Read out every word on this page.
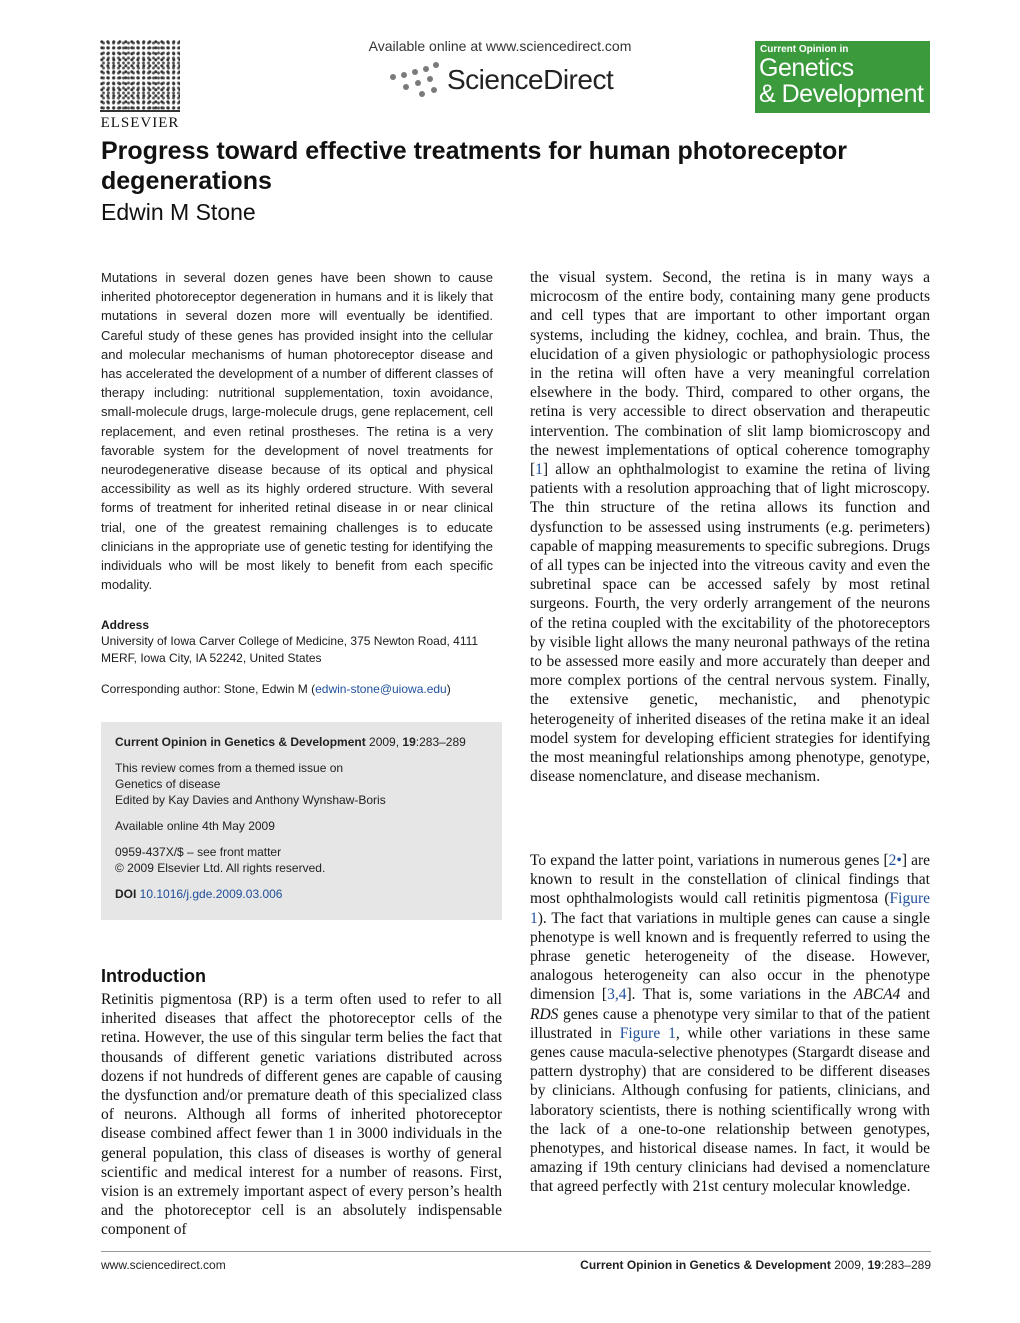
ELSEVIER
Available online at www.sciencedirect.com
ScienceDirect
Current Opinion in
Genetics
& Development
Progress toward effective treatments for human photoreceptor degenerations
Edwin M Stone

Mutations in several dozen genes have been shown to cause inherited photoreceptor degeneration in humans and it is likely that mutations in several dozen more will eventually be identified. Careful study of these genes has provided insight into the cellular and molecular mechanisms of human photoreceptor disease and has accelerated the development of a number of different classes of therapy including: nutritional supplementation, toxin avoidance, small-molecule drugs, large-molecule drugs, gene replacement, cell replacement, and even retinal prostheses. The retina is a very favorable system for the development of novel treatments for neurodegenerative disease because of its optical and physical accessibility as well as its highly ordered structure. With several forms of treatment for inherited retinal disease in or near clinical trial, one of the greatest remaining challenges is to educate clinicians in the appropriate use of genetic testing for identifying the individuals who will be most likely to benefit from each specific modality.

Address
University of Iowa Carver College of Medicine, 375 Newton Road, 4111 MERF, Iowa City, IA 52242, United States
Corresponding author: Stone, Edwin M (edwin-stone@uiowa.edu)
Current Opinion in Genetics & Development 2009, 19:283–289
This review comes from a themed issue on
Genetics of disease
Edited by Kay Davies and Anthony Wynshaw-Boris
Available online 4th May 2009
0959-437X/$ – see front matter
© 2009 Elsevier Ltd. All rights reserved.
DOI 10.1016/j.gde.2009.03.006
Introduction

Retinitis pigmentosa (RP) is a term often used to refer to all inherited diseases that affect the photoreceptor cells of the retina. However, the use of this singular term belies the fact that thousands of different genetic variations distributed across dozens if not hundreds of different genes are capable of causing the dysfunction and/or premature death of this specialized class of neurons. Although all forms of inherited photoreceptor disease combined affect fewer than 1 in 3000 individuals in the general population, this class of diseases is worthy of general scientific and medical interest for a number of reasons. First, vision is an extremely important aspect of every person’s health and the photoreceptor cell is an absolutely indispensable component of

the visual system. Second, the retina is in many ways a microcosm of the entire body, containing many gene products and cell types that are important to other important organ systems, including the kidney, cochlea, and brain. Thus, the elucidation of a given physiologic or pathophysiologic process in the retina will often have a very meaningful correlation elsewhere in the body. Third, compared to other organs, the retina is very accessible to direct observation and therapeutic intervention. The combination of slit lamp biomicroscopy and the newest implementations of optical coherence tomography [1] allow an ophthalmologist to examine the retina of living patients with a resolution approaching that of light microscopy. The thin structure of the retina allows its function and dysfunction to be assessed using instruments (e.g. perimeters) capable of mapping measurements to specific subregions. Drugs of all types can be injected into the vitreous cavity and even the subretinal space can be accessed safely by most retinal surgeons. Fourth, the very orderly arrangement of the neurons of the retina coupled with the excitability of the photoreceptors by visible light allows the many neuronal pathways of the retina to be assessed more easily and more accurately than deeper and more complex portions of the central nervous system. Finally, the extensive genetic, mechanistic, and phenotypic heterogeneity of inherited diseases of the retina make it an ideal model system for developing efficient strategies for identifying the most meaningful relationships among phenotype, genotype, disease nomenclature, and disease mechanism.

To expand the latter point, variations in numerous genes [2•] are known to result in the constellation of clinical findings that most ophthalmologists would call retinitis pigmentosa (Figure 1). The fact that variations in multiple genes can cause a single phenotype is well known and is frequently referred to using the phrase genetic heterogeneity of the disease. However, analogous heterogeneity can also occur in the phenotype dimension [3,4]. That is, some variations in the ABCA4 and RDS genes cause a phenotype very similar to that of the patient illustrated in Figure 1, while other variations in these same genes cause macula-selective phenotypes (Stargardt disease and pattern dystrophy) that are considered to be different diseases by clinicians. Although confusing for patients, clinicians, and laboratory scientists, there is nothing scientifically wrong with the lack of a one-to-one relationship between genotypes, phenotypes, and historical disease names. In fact, it would be amazing if 19th century clinicians had devised a nomenclature that agreed perfectly with 21st century molecular knowledge.

www.sciencedirect.com	Current Opinion in Genetics & Development 2009, 19:283–289
